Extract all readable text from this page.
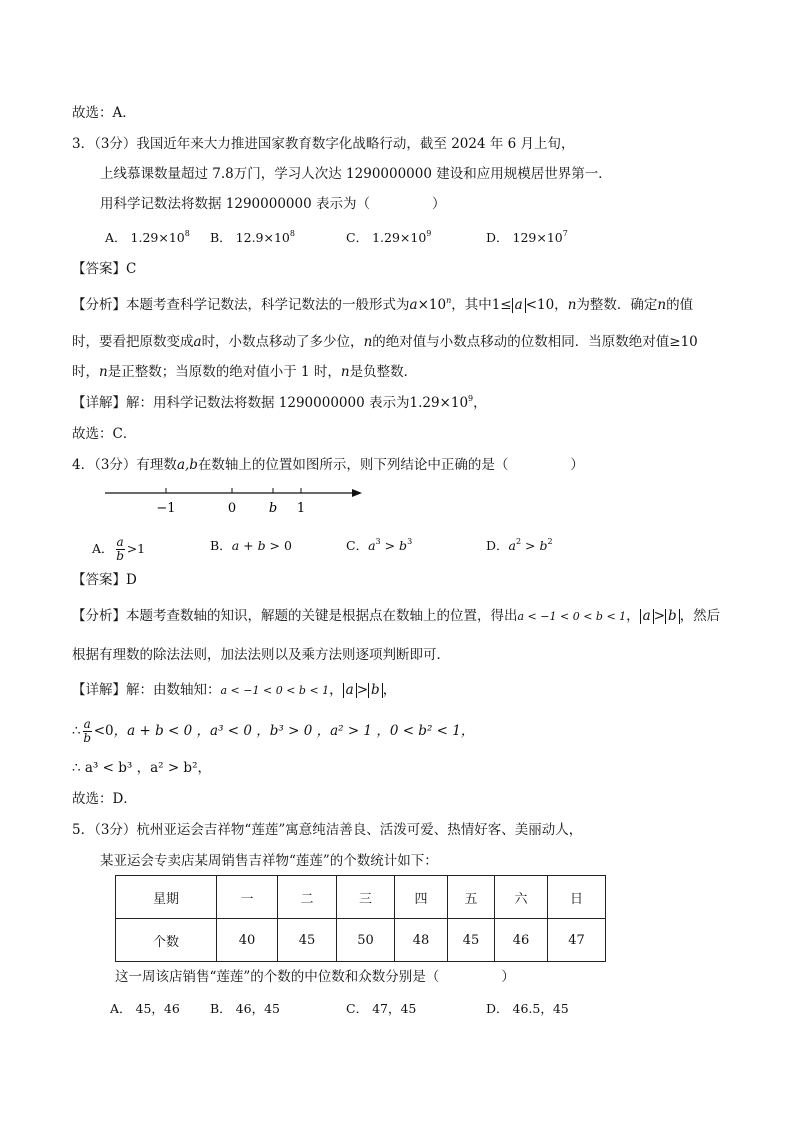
故选：A．
3．（3分）我国近年来大力推进国家教育数字化战略行动，截至 2024 年 6 月上旬，
上线慕课数量超过 7.8万门，学习人次达 1290000000 建设和应用规模居世界第一．
用科学记数法将数据 1290000000 表示为（	）
A． $1.29\times 10^8$ B． $12.9\times 10^8$	C． $1.29\times 10^9$	D． $129\times 10^7$
【答案】C
【分析】本题考查科学记数法，科学记数法的一般形式为$a\times 10^n$，其中1≤ a <10，n为整数．确定n的值
时，要看把原数变成a时，小数点移动了多少位，n的绝对值与小数点移动的位数相同．当原数绝对值≥10
时，n是正整数；当原数的绝对值小于 1 时，n是负整数．
【详解】解：用科学记数法将数据 1290000000 表示为$1.29\times 10^9$，
故选：C．
4．（3分）有理数a,b在数轴上的位置如图所示，则下列结论中正确的是（	）
−1	0	b 1
A． $\frac{a}{b} >1$	B．a + b > 0	C．$a^3 > b^3$	D．$a^2 > b^2$
【答案】D
【分析】本题考查数轴的知识，解题的关键是根据点在数轴上的位置，得出a < −1 < 0 < b < 1， a > b ，然后
根据有理数的除法法则，加法法则以及乘方法则逐项判断即可．
【详解】解：由数轴知：a < −1 < 0 < b < 1， a > b ，
∴ $\frac{a}{b} <0$，a + b < 0 ，a³ < 0 ，b³ > 0 ，a² > 1 ，0 < b² < 1，
∴ a³ < b³ ，a² > b²，
故选：D．
5．（3分）杭州亚运会吉祥物“莲莲”寓意纯洁善良、活泼可爱、热情好客、美丽动人，
某亚运会专卖店某周销售吉祥物“莲莲”的个数统计如下：
星期	一	二	三	四	五	六	日
个数	40	45	50	48	45	46	47
这一周该店销售“莲莲”的个数的中位数和众数分别是（	）
A． 45，46 B． 46，45	C． 47，45	D． 46.5，45
